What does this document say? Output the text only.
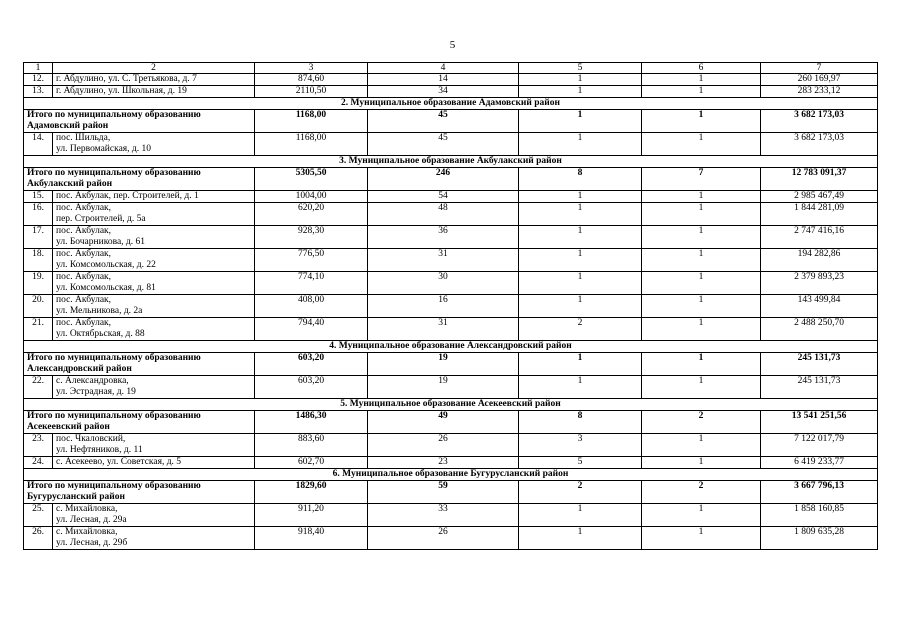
5
1	2	3	4	5	6	7
12.	г. Абдулино, ул. С. Третьякова, д. 7	874,60	14	1	1	260 169,97
13.	г. Абдулино, ул. Школьная, д. 19	2110,50	34	1	1	283 233,12
2. Муниципальное образование Адамовский район						
Итого по муниципальному образованию Адамовский район		1168,00	45	1	1	3 682 173,03
14.	пос. Шильда,
ул. Первомайская, д. 10	1168,00	45	1	1	3 682 173,03
3. Муниципальное образование Акбулакский район						
Итого по муниципальному образованию Акбулакский район		5305,50	246	8	7	12 783 091,37
15.	пос. Акбулак, пер. Строителей, д. 1	1004,00	54	1	1	2 985 467,49
16.	пос. Акбулак,
пер. Строителей, д. 5а	620,20	48	1	1	1 844 281,09
17.	пос. Акбулак,
ул. Бочарникова, д. 61	928,30	36	1	1	2 747 416,16
18.	пос. Акбулак,
ул. Комсомольская, д. 22	776,50	31	1	1	194 282,86
19.	пос. Акбулак,
ул. Комсомольская, д. 81	774,10	30	1	1	2 379 893,23
20.	пос. Акбулак,
ул. Мельникова, д. 2а	408,00	16	1	1	143 499,84
21.	пос. Акбулак,
ул. Октябрьская, д. 88	794,40	31	2	1	2 488 250,70
4. Муниципальное образование Александровский район						
Итого по муниципальному образованию Александровский район		603,20	19	1	1	245 131,73
22.	с. Александровка,
ул. Эстрадная, д. 19	603,20	19	1	1	245 131,73
5. Муниципальное образование Асекеевский район						
Итого по муниципальному образованию Асекеевский район		1486,30	49	8	2	13 541 251,56
23.	пос. Чкаловский,
ул. Нефтяников, д. 11	883,60	26	3	1	7 122 017,79
24.	с. Асекеево, ул. Советская, д. 5	602,70	23	5	1	6 419 233,77
6. Муниципальное образование Бугурусланский район						
Итого по муниципальному образованию Бугурусланский район		1829,60	59	2	2	3 667 796,13
25.	с. Михайловка,
ул. Лесная, д. 29а	911,20	33	1	1	1 858 160,85
26.	с. Михайловка,
ул. Лесная, д. 29б	918,40	26	1	1	1 809 635,28
